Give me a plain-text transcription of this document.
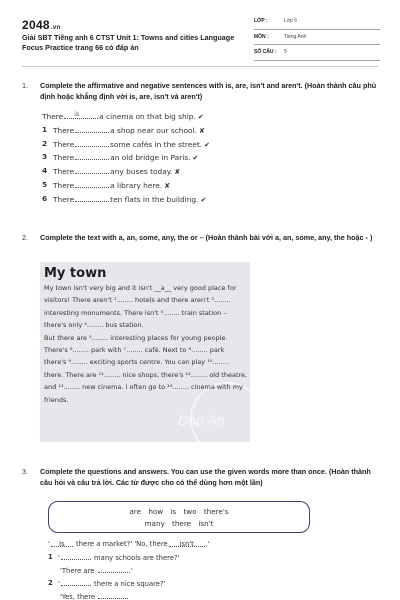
2048.vn
Giải SBT Tiếng anh 6 CTST Unit 1: Towns and cities Language Focus Practice trang 66 có đáp án
LỚP :	Lớp 6
MÔN :	Tiếng Anh
SỐ CÂU : 5
1. Complete the affirmative and negative sentences with is, are, isn't and aren't. (Hoàn thành câu phủ định hoặc khẳng định với is, are, isn't và aren't)
There is	a cinema on that big ship. ✔
1 There	a shop near our school. ✘
2 There	some cafés in the street. ✔
3 There	an old bridge in Paris. ✔
4 There	any buses today. ✘
5 There	a library here. ✘
6 There	ten flats in the building. ✔
2. Complete the text with a, an, some, any, the or – (Hoàn thành bài với a, an, some, any, the hoặc - )
Đáp Án
My town

My town isn't very big and it isn't __a__ very good place for visitors! There aren't ¹........ hotels and there aren't ²........ interesting monuments. There isn't ³........ train station – there's only ⁴........ bus station.

But there are ⁵........ interesting places for young people. There's ⁶........ park with ⁷........ café. Next to ⁸........ park there's ⁹........ exciting sports centre. You can play ¹⁰........ there. There are ¹¹........ nice shops, there's ¹²........ old theatre, and ¹³........ new cinema. I often go to ¹⁴........ cinema with my friends.

3. Complete the questions and answers. You can use the given words more than once. (Hoàn thành câu hỏi và câu trả lời. Các từ được cho có thể dùng hơn một lần)
are how is two there's
many there isn't
' Is there a market?' 'No, there isn't .'
1 '	many schools are there?'
'There are	.'
2 '	there a nice square?'
'Yes, there
